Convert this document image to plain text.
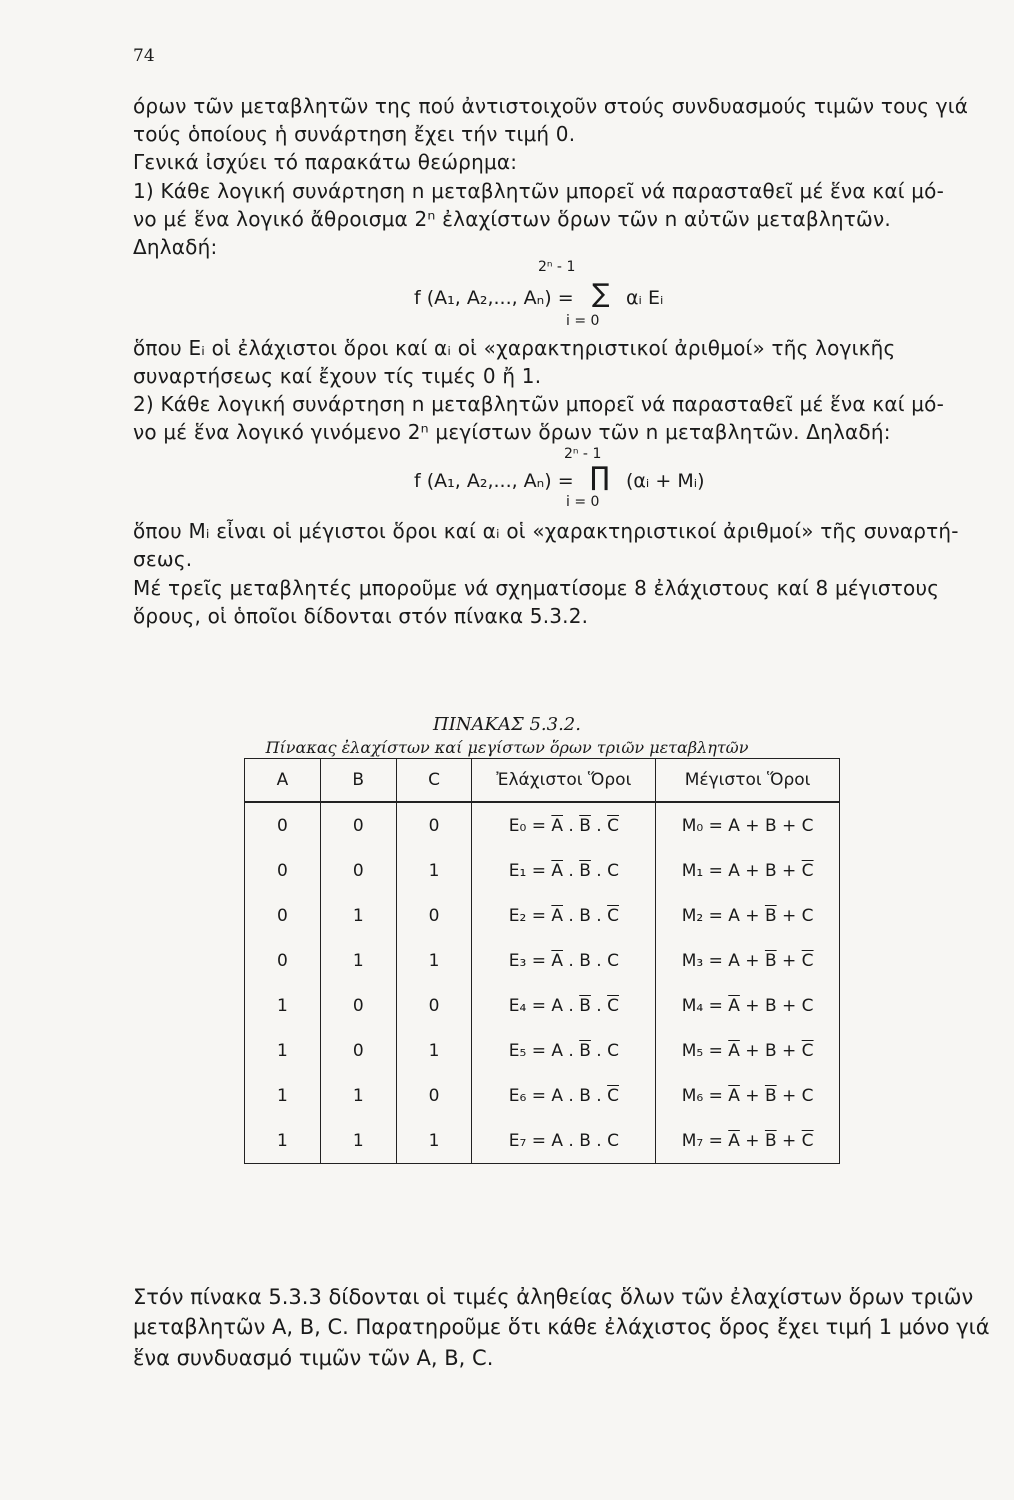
74
όρων τῶν μεταβλητῶν της πού ἀντιστοιχοῦν στούς συνδυασμούς τιμῶν τους γιά
τούς ὁποίους ἡ συνάρτηση ἔχει τήν τιμή 0.
Γενικά ἰσχύει τό παρακάτω θεώρημα:
1) Κάθε λογική συνάρτηση n μεταβλητῶν μπορεῖ νά παρασταθεῖ μέ ἕνα καί μό-
νο μέ ἕνα λογικό ἄθροισμα 2ⁿ ἐλαχίστων ὅρων τῶν n αὐτῶν μεταβλητῶν.
Δηλαδή:
2ⁿ - 1
f (A₁, A₂,..., Aₙ) = ∑ αᵢ Eᵢ
i = 0
ὅπου Eᵢ οἱ ἐλάχιστοι ὅροι καί αᵢ οἱ «χαρακτηριστικοί ἀριθμοί» τῆς λογικῆς
συναρτήσεως καί ἔχουν τίς τιμές 0 ἤ 1.
2) Κάθε λογική συνάρτηση n μεταβλητῶν μπορεῖ νά παρασταθεῖ μέ ἕνα καί μό-
νο μέ ἕνα λογικό γινόμενο 2ⁿ μεγίστων ὅρων τῶν n μεταβλητῶν. Δηλαδή:
2ⁿ - 1
f (A₁, A₂,..., Aₙ) = ∏ (αᵢ + Mᵢ)
i = 0
ὅπου Mᵢ εἶναι οἱ μέγιστοι ὅροι καί αᵢ οἱ «χαρακτηριστικοί ἀριθμοί» τῆς συναρτή-
σεως.
Μέ τρεῖς μεταβλητές μποροῦμε νά σχηματίσομε 8 ἐλάχιστους καί 8 μέγιστους
ὅρους, οἱ ὁποῖοι δίδονται στόν πίνακα 5.3.2.
ΠΙΝΑΚΑΣ 5.3.2.
Πίνακας ἐλαχίστων καί μεγίστων ὅρων τριῶν μεταβλητῶν
A	B	C	Ἐλάχιστοι Ὅροι	Μέγιστοι Ὅροι
0	0	0	$E_0 = \overline{A}$ . $\overline{B}$ . $\overline{C}$	M₀ = A + B + C
0	0	1	$E_1 = \overline{A}$ . $\overline{B}$ . C	$M_1 = A + B + \overline{C}$
0	1	0	$E_2 = \overline{A}$ . B . $\overline{C}$	$M_2 = A + \overline{B} + C$
0	1	1	$E_3 = \overline{A}$ . B . C	$M_3 = A + \overline{B} + \overline{C}$
1	0	0	E₄ = A . $\overline{B}$ . $\overline{C}$	$M_4 = \overline{A} + B + C$
1	0	1	E₅ = A . $\overline{B}$ . C	$M_5 = \overline{A} + B + \overline{C}$
1	1	0	E₆ = A . B . $\overline{C}$	$M_6 = \overline{A} + \overline{B} + C$
1	1	1	E₇ = A . B . C	$M_7 = \overline{A} + \overline{B} + \overline{C}$
Στόν πίνακα 5.3.3 δίδονται οἱ τιμές ἀληθείας ὅλων τῶν ἐλαχίστων ὅρων τριῶν
μεταβλητῶν A, B, C. Παρατηροῦμε ὅτι κάθε ἐλάχιστος ὅρος ἔχει τιμή 1 μόνο γιά
ἕνα συνδυασμό τιμῶν τῶν A, B, C.
